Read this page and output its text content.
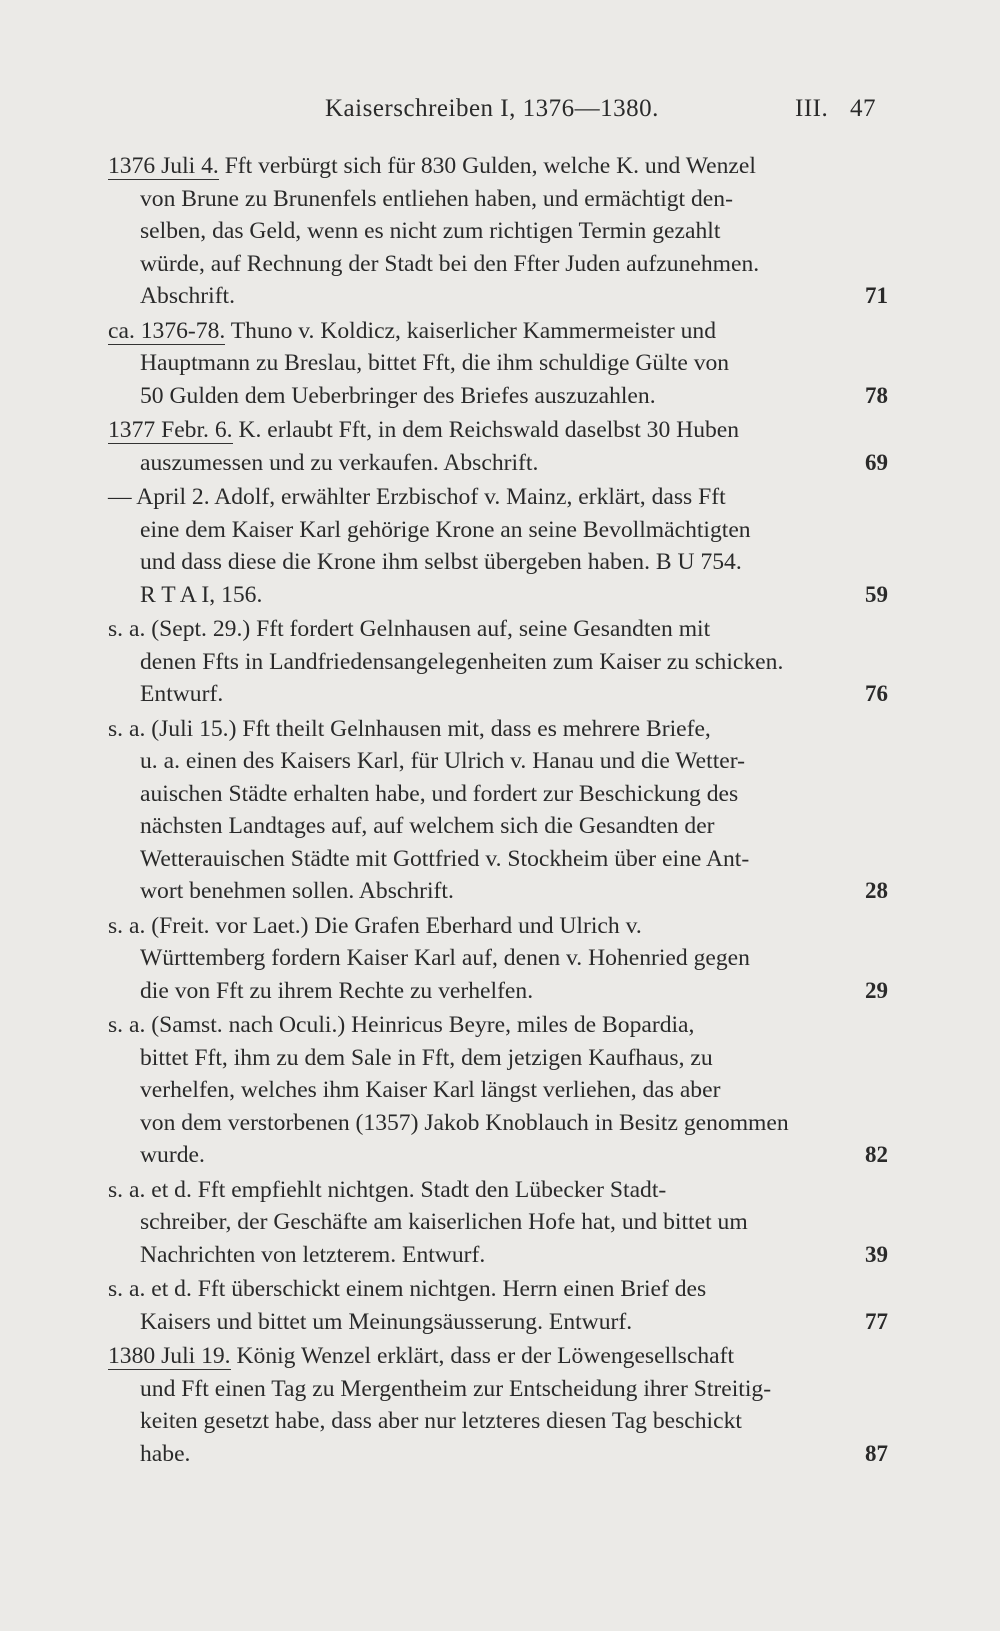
Kaiserschreiben I, 1376—1380.	III. 47
1376 Juli 4. Fft verbürgt sich für 830 Gulden, welche K. und Wenzel
von Brune zu Brunenfels entliehen haben, und ermächtigt den-
selben, das Geld, wenn es nicht zum richtigen Termin gezahlt
würde, auf Rechnung der Stadt bei den Ffter Juden aufzunehmen.
Abschrift.	71
ca. 1376-78. Thuno v. Koldicz, kaiserlicher Kammermeister und
Hauptmann zu Breslau, bittet Fft, die ihm schuldige Gülte von
50 Gulden dem Ueberbringer des Briefes auszuzahlen.	78
1377 Febr. 6. K. erlaubt Fft, in dem Reichswald daselbst 30 Huben
auszumessen und zu verkaufen. Abschrift.	69
— April 2. Adolf, erwählter Erzbischof v. Mainz, erklärt, dass Fft
eine dem Kaiser Karl gehörige Krone an seine Bevollmächtigten
und dass diese die Krone ihm selbst übergeben haben. B U 754.
R T A I, 156.	59
s. a. (Sept. 29.) Fft fordert Gelnhausen auf, seine Gesandten mit
denen Ffts in Landfriedensangelegenheiten zum Kaiser zu schicken.
Entwurf.	76
s. a. (Juli 15.) Fft theilt Gelnhausen mit, dass es mehrere Briefe,
u. a. einen des Kaisers Karl, für Ulrich v. Hanau und die Wetter-
auischen Städte erhalten habe, und fordert zur Beschickung des
nächsten Landtages auf, auf welchem sich die Gesandten der
Wetterauischen Städte mit Gottfried v. Stockheim über eine Ant-
wort benehmen sollen. Abschrift.	28
s. a. (Freit. vor Laet.) Die Grafen Eberhard und Ulrich v.
Württemberg fordern Kaiser Karl auf, denen v. Hohenried gegen
die von Fft zu ihrem Rechte zu verhelfen.	29
s. a. (Samst. nach Oculi.) Heinricus Beyre, miles de Bopardia,
bittet Fft, ihm zu dem Sale in Fft, dem jetzigen Kaufhaus, zu
verhelfen, welches ihm Kaiser Karl längst verliehen, das aber
von dem verstorbenen (1357) Jakob Knoblauch in Besitz genommen
wurde.	82
s. a. et d. Fft empfiehlt nichtgen. Stadt den Lübecker Stadt-
schreiber, der Geschäfte am kaiserlichen Hofe hat, und bittet um
Nachrichten von letzterem. Entwurf.	39
s. a. et d. Fft überschickt einem nichtgen. Herrn einen Brief des
Kaisers und bittet um Meinungsäusserung. Entwurf.	77
1380 Juli 19. König Wenzel erklärt, dass er der Löwengesellschaft
und Fft einen Tag zu Mergentheim zur Entscheidung ihrer Streitig-
keiten gesetzt habe, dass aber nur letzteres diesen Tag beschickt
habe.	87
